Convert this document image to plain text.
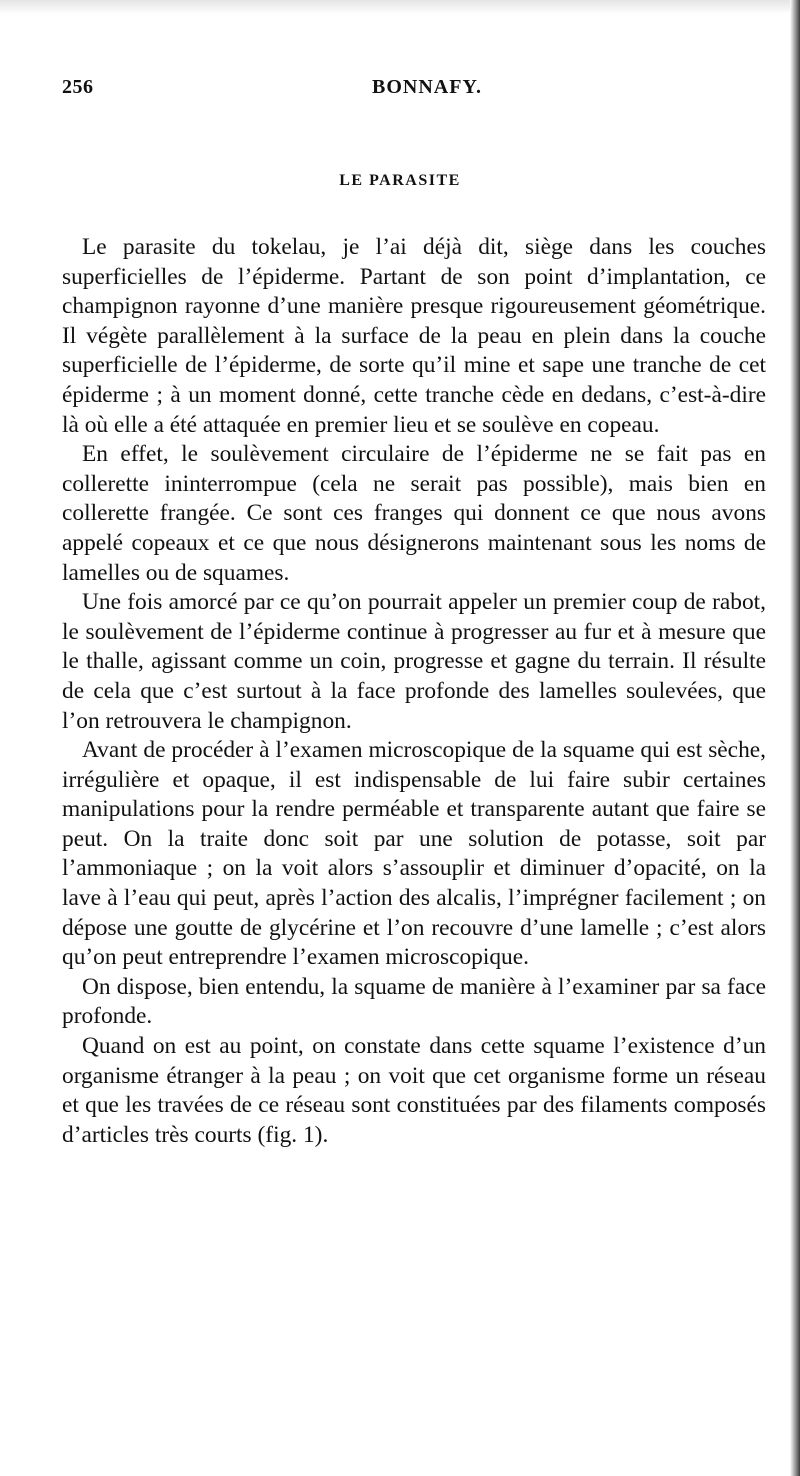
256	BONNAFY.
LE PARASITE

Le parasite du tokelau, je l’ai déjà dit, siège dans les couches superficielles de l’épiderme. Partant de son point d’implantation, ce champignon rayonne d’une manière presque rigoureusement géométrique. Il végète parallèlement à la surface de la peau en plein dans la couche superficielle de l’épiderme, de sorte qu’il mine et sape une tranche de cet épiderme ; à un moment donné, cette tranche cède en dedans, c’est-à-dire là où elle a été attaquée en premier lieu et se soulève en copeau.

En effet, le soulèvement circulaire de l’épiderme ne se fait pas en collerette ininterrompue (cela ne serait pas possible), mais bien en collerette frangée. Ce sont ces franges qui donnent ce que nous avons appelé copeaux et ce que nous désignerons maintenant sous les noms de lamelles ou de squames.

Une fois amorcé par ce qu’on pourrait appeler un premier coup de rabot, le soulèvement de l’épiderme continue à progresser au fur et à mesure que le thalle, agissant comme un coin, progresse et gagne du terrain. Il résulte de cela que c’est surtout à la face profonde des lamelles soulevées, que l’on retrouvera le champignon.

Avant de procéder à l’examen microscopique de la squame qui est sèche, irrégulière et opaque, il est indispensable de lui faire subir certaines manipulations pour la rendre perméable et transparente autant que faire se peut. On la traite donc soit par une solution de potasse, soit par l’ammoniaque ; on la voit alors s’assouplir et diminuer d’opacité, on la lave à l’eau qui peut, après l’action des alcalis, l’imprégner facilement ; on dépose une goutte de glycérine et l’on recouvre d’une lamelle ; c’est alors qu’on peut entreprendre l’examen microscopique.

On dispose, bien entendu, la squame de manière à l’examiner par sa face profonde.

Quand on est au point, on constate dans cette squame l’existence d’un organisme étranger à la peau ; on voit que cet organisme forme un réseau et que les travées de ce réseau sont constituées par des filaments composés d’articles très courts (fig. 1).
